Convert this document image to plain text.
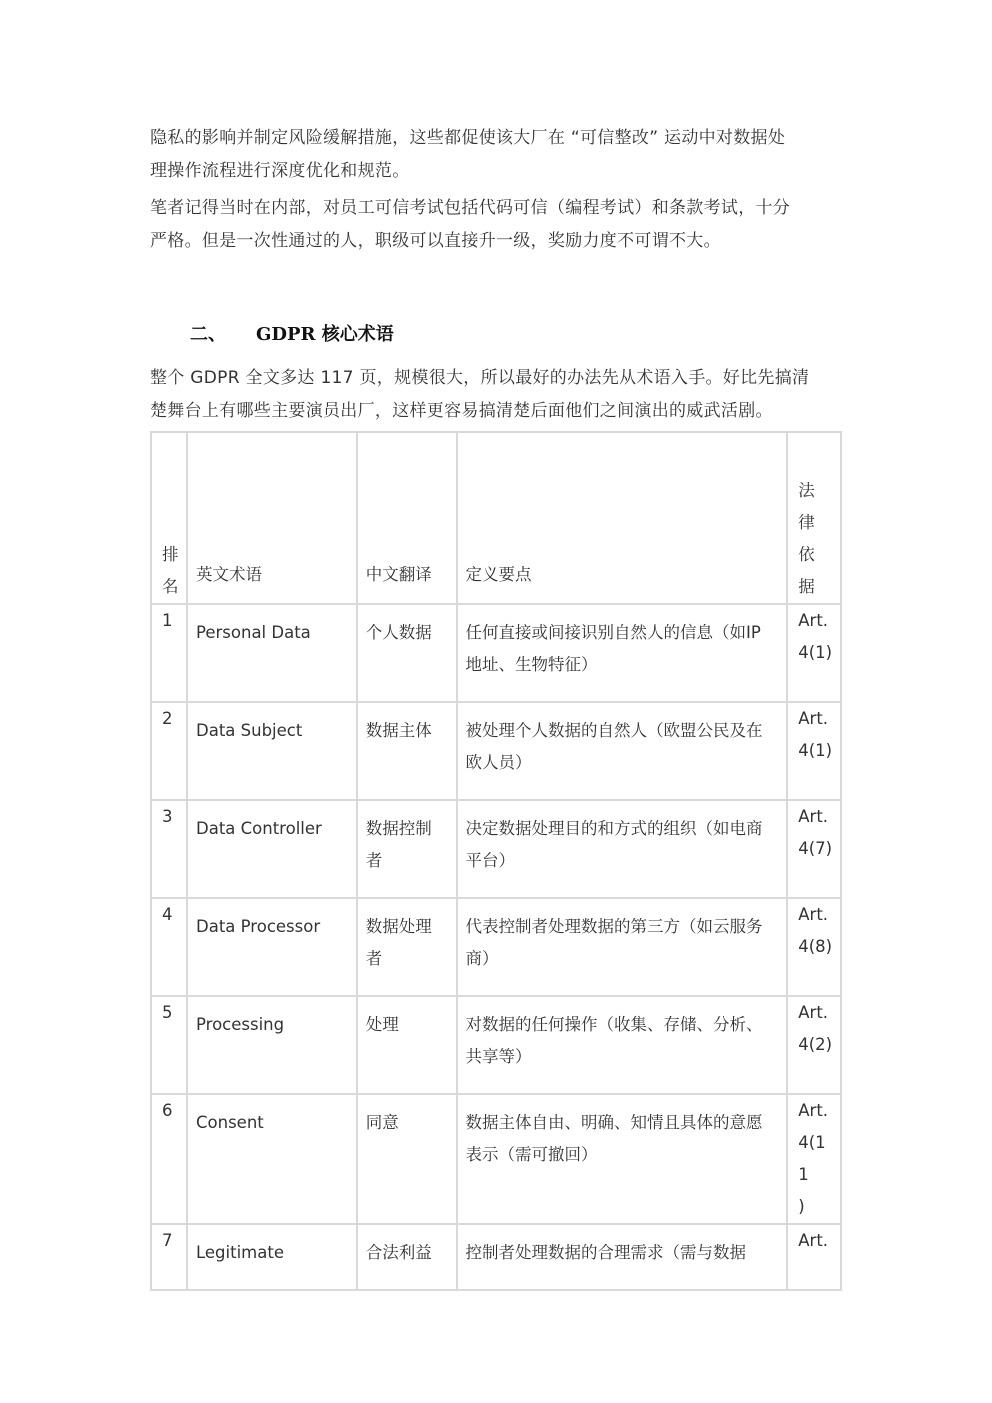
隐私的影响并制定风险缓解措施，这些都促使该大厂在 “可信整改” 运动中对数据处
理操作流程进行深度优化和规范。
笔者记得当时在内部，对员工可信考试包括代码可信（编程考试）和条款考试，十分
严格。但是一次性通过的人，职级可以直接升一级，奖励力度不可谓不大。
二、 GDPR 核心术语
整个 GDPR 全文多达 117 页，规模很大，所以最好的办法先从术语入手。好比先搞清
楚舞台上有哪些主要演员出厂，这样更容易搞清楚后面他们之间演出的威武活剧。
排
名	英文术语	中文翻译	定义要点	法
律
依
据

1	Personal Data	个人数据	任何直接或间接识别自然人的信息（如IP 地址、生物特征）	Art.
4(1)

2	Data Subject	数据主体	被处理个人数据的自然人（欧盟公民及在欧人员）	Art.
4(1)

3	Data Controller	数据控制者	决定数据处理目的和方式的组织（如电商平台）	Art.
4(7)

4	Data Processor	数据处理者	代表控制者处理数据的第三方（如云服务商）	Art.
4(8)

5	Processing	处理	对数据的任何操作（收集、存储、分析、共享等）	Art.
4(2)

6	Consent	同意	数据主体自由、明确、知情且具体的意愿表示（需可撤回）	Art.
4(11
)

7	Legitimate	合法利益	控制者处理数据的合理需求（需与数据	Art.
